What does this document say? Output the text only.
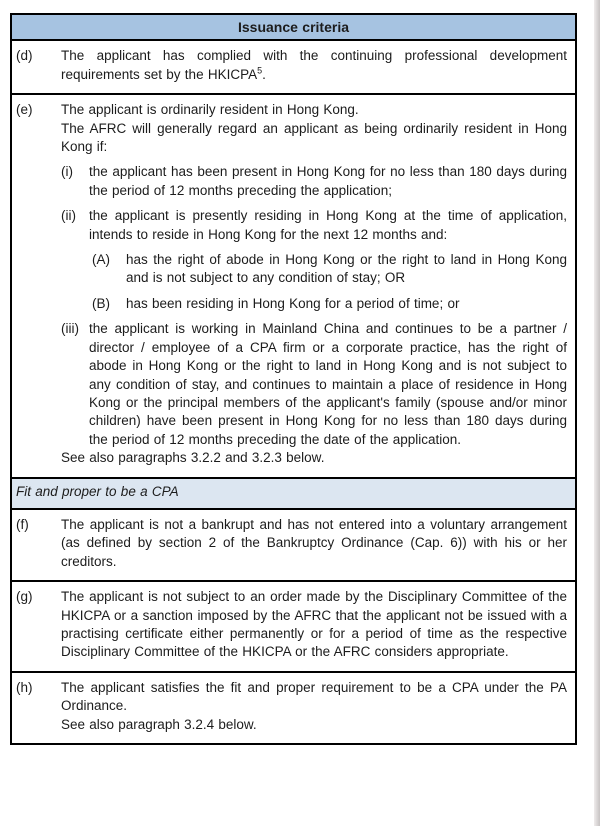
Issuance criteria
(d)	The applicant has complied with the continuing professional development requirements set by the HKICPA$^5$.
(e)	The applicant is ordinarily resident in Hong Kong.

The AFRC will generally regard an applicant as being ordinarily resident in Hong Kong if:

(i)	the applicant has been present in Hong Kong for no less than 180 days during the period of 12 months preceding the application;
(ii) the applicant is presently residing in Hong Kong at the time of application, intends to reside in Hong Kong for the next 12 months and:
(A)	has the right of abode in Hong Kong or the right to land in Hong Kong and is not subject to any condition of stay; OR
(B)	has been residing in Hong Kong for a period of time; or
(iii) the applicant is working in Mainland China and continues to be a partner / director / employee of a CPA firm or a corporate practice, has the right of abode in Hong Kong or the right to land in Hong Kong and is not subject to any condition of stay, and continues to maintain a place of residence in Hong Kong or the principal members of the applicant's family (spouse and/or minor children) have been present in Hong Kong for no less than 180 days during the period of 12 months preceding the date of the application.

See also paragraphs 3.2.2 and 3.2.3 below.

Fit and proper to be a CPA
(f)	The applicant is not a bankrupt and has not entered into a voluntary arrangement (as defined by section 2 of the Bankruptcy Ordinance (Cap. 6)) with his or her creditors.
(g)	The applicant is not subject to an order made by the Disciplinary Committee of the HKICPA or a sanction imposed by the AFRC that the applicant not be issued with a practising certificate either permanently or for a period of time as the respective Disciplinary Committee of the HKICPA or the AFRC considers appropriate.
(h)	The applicant satisfies the fit and proper requirement to be a CPA under the PA Ordinance.

See also paragraph 3.2.4 below.
